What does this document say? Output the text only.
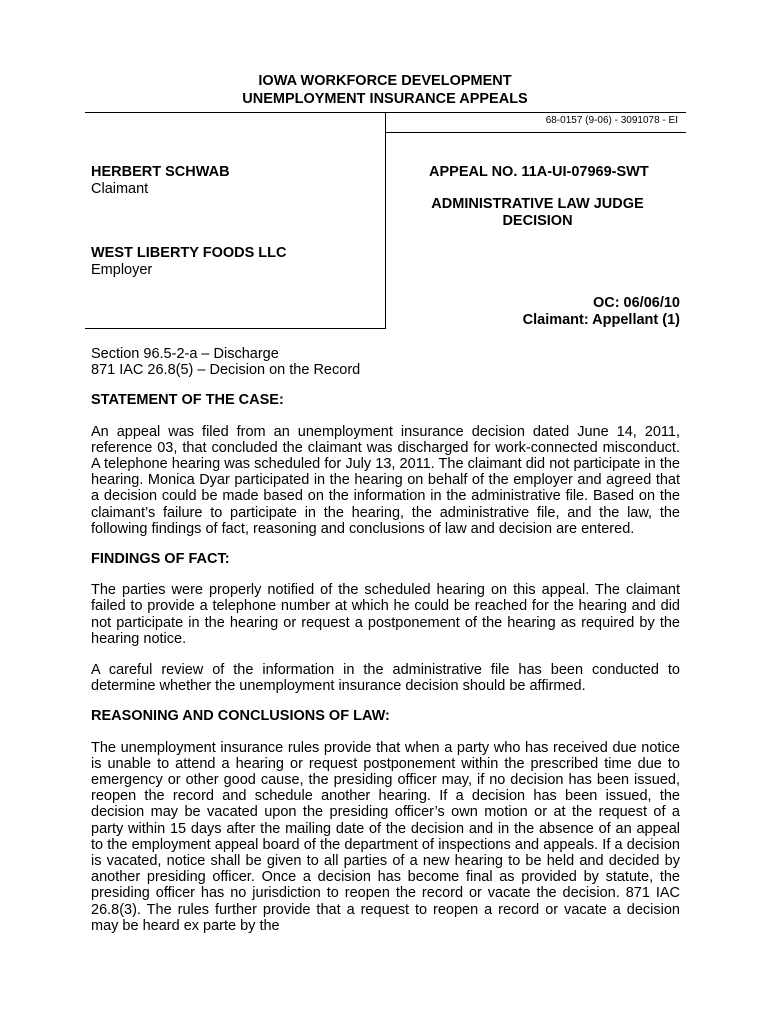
IOWA WORKFORCE DEVELOPMENT
UNEMPLOYMENT INSURANCE APPEALS
68-0157 (9-06) - 3091078 - EI
HERBERT SCHWAB
Claimant
WEST LIBERTY FOODS LLC
Employer
APPEAL NO. 11A-UI-07969-SWT
ADMINISTRATIVE LAW JUDGE
DECISION
OC: 06/06/10
Claimant: Appellant (1)

Section 96.5-2-a – Discharge

871 IAC 26.8(5) – Decision on the Record

STATEMENT OF THE CASE:

An appeal was filed from an unemployment insurance decision dated June 14, 2011, reference 03, that concluded the claimant was discharged for work-connected misconduct. A telephone hearing was scheduled for July 13, 2011. The claimant did not participate in the hearing. Monica Dyar participated in the hearing on behalf of the employer and agreed that a decision could be made based on the information in the administrative file. Based on the claimant’s failure to participate in the hearing, the administrative file, and the law, the following findings of fact, reasoning and conclusions of law and decision are entered.

FINDINGS OF FACT:

The parties were properly notified of the scheduled hearing on this appeal. The claimant failed to provide a telephone number at which he could be reached for the hearing and did not participate in the hearing or request a postponement of the hearing as required by the hearing notice.

A careful review of the information in the administrative file has been conducted to determine whether the unemployment insurance decision should be affirmed.

REASONING AND CONCLUSIONS OF LAW:

The unemployment insurance rules provide that when a party who has received due notice is unable to attend a hearing or request postponement within the prescribed time due to emergency or other good cause, the presiding officer may, if no decision has been issued, reopen the record and schedule another hearing. If a decision has been issued, the decision may be vacated upon the presiding officer’s own motion or at the request of a party within 15 days after the mailing date of the decision and in the absence of an appeal to the employment appeal board of the department of inspections and appeals. If a decision is vacated, notice shall be given to all parties of a new hearing to be held and decided by another presiding officer. Once a decision has become final as provided by statute, the presiding officer has no jurisdiction to reopen the record or vacate the decision. 871 IAC 26.8(3). The rules further provide that a request to reopen a record or vacate a decision may be heard ex parte by the
